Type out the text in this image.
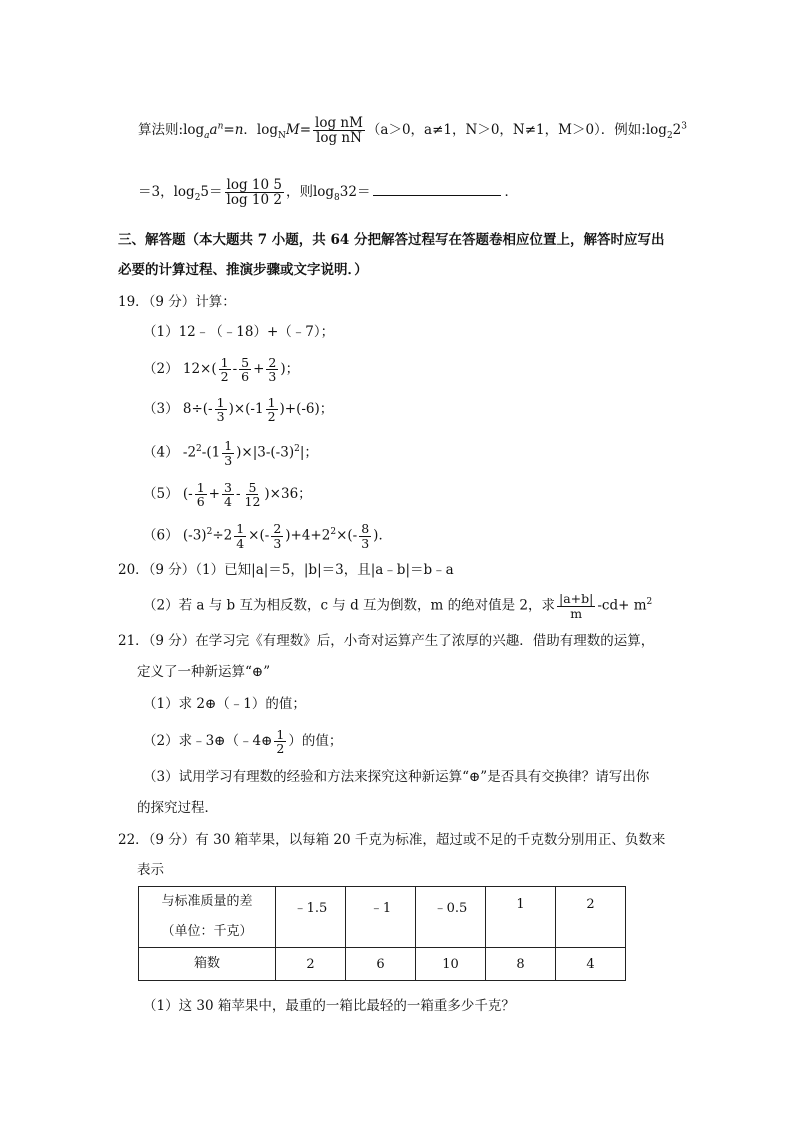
算法则$:\log_aa^n=n$．$\log_NM= \frac{\text{log nM}}{\text{log nN}} (a>0$，a≠1，N＞0，N≠1，M＞0）．例如$:\log_22^3$
＝3，$\log_25= \frac{\log 10 5}{\log 10 2}$ ，则$\log_832=$	．
三、解答题（本大题共 7 小题，共 64 分把解答过程写在答题卷相应位置上，解答时应写出
必要的计算过程、推演步骤或文字说明．）
19．（9 分）计算：
（1）12﹣（﹣18）+（﹣7）；
（2） $12\times( \frac{1}{2} - \frac{5}{6} + \frac{2}{3}$ )；
（3） $8\div(- \frac{1}{3} )\times(-1 \frac{1}{2} )+(-6)$；
（4） $-2^2-(1 \frac{1}{3} )\times|3-(-3)^2|$；
（5） (- $\frac{1}{6} + \frac{3}{4} - \frac{5}{12} )\times 36$；
（6） $(-3)^2\div 2 \frac{1}{4}$ ×(- $\frac{2}{3} )+4+2^2\times(- \frac{8}{3}$ )．
20．（9 分）（1）已知|a|＝5，|b|＝3，且|a﹣b|＝b﹣a
（2）若 a 与 b 互为相反数，c 与 d 互为倒数，m 的绝对值是 2，求 $\frac{|a+b|}{m} -cd+ m^2$
21．（9 分）在学习完《有理数》后，小奇对运算产生了浓厚的兴趣．借助有理数的运算，
定义了一种新运算“⊕”
（1）求 2⊕（﹣1）的值；
（2）求﹣3⊕（﹣4⊕ $\frac{1}{2}$ ）的值；
（3）试用学习有理数的经验和方法来探究这种新运算“⊕”是否具有交换律？请写出你
的探究过程．
22．（9 分）有 30 箱苹果，以每箱 20 千克为标准，超过或不足的千克数分别用正、负数来
表示
与标准质量的差
（单位：千克）	﹣1.5	﹣1	﹣0.5	1	2
箱数	2	6	10	8	4
（1）这 30 箱苹果中，最重的一箱比最轻的一箱重多少千克？
